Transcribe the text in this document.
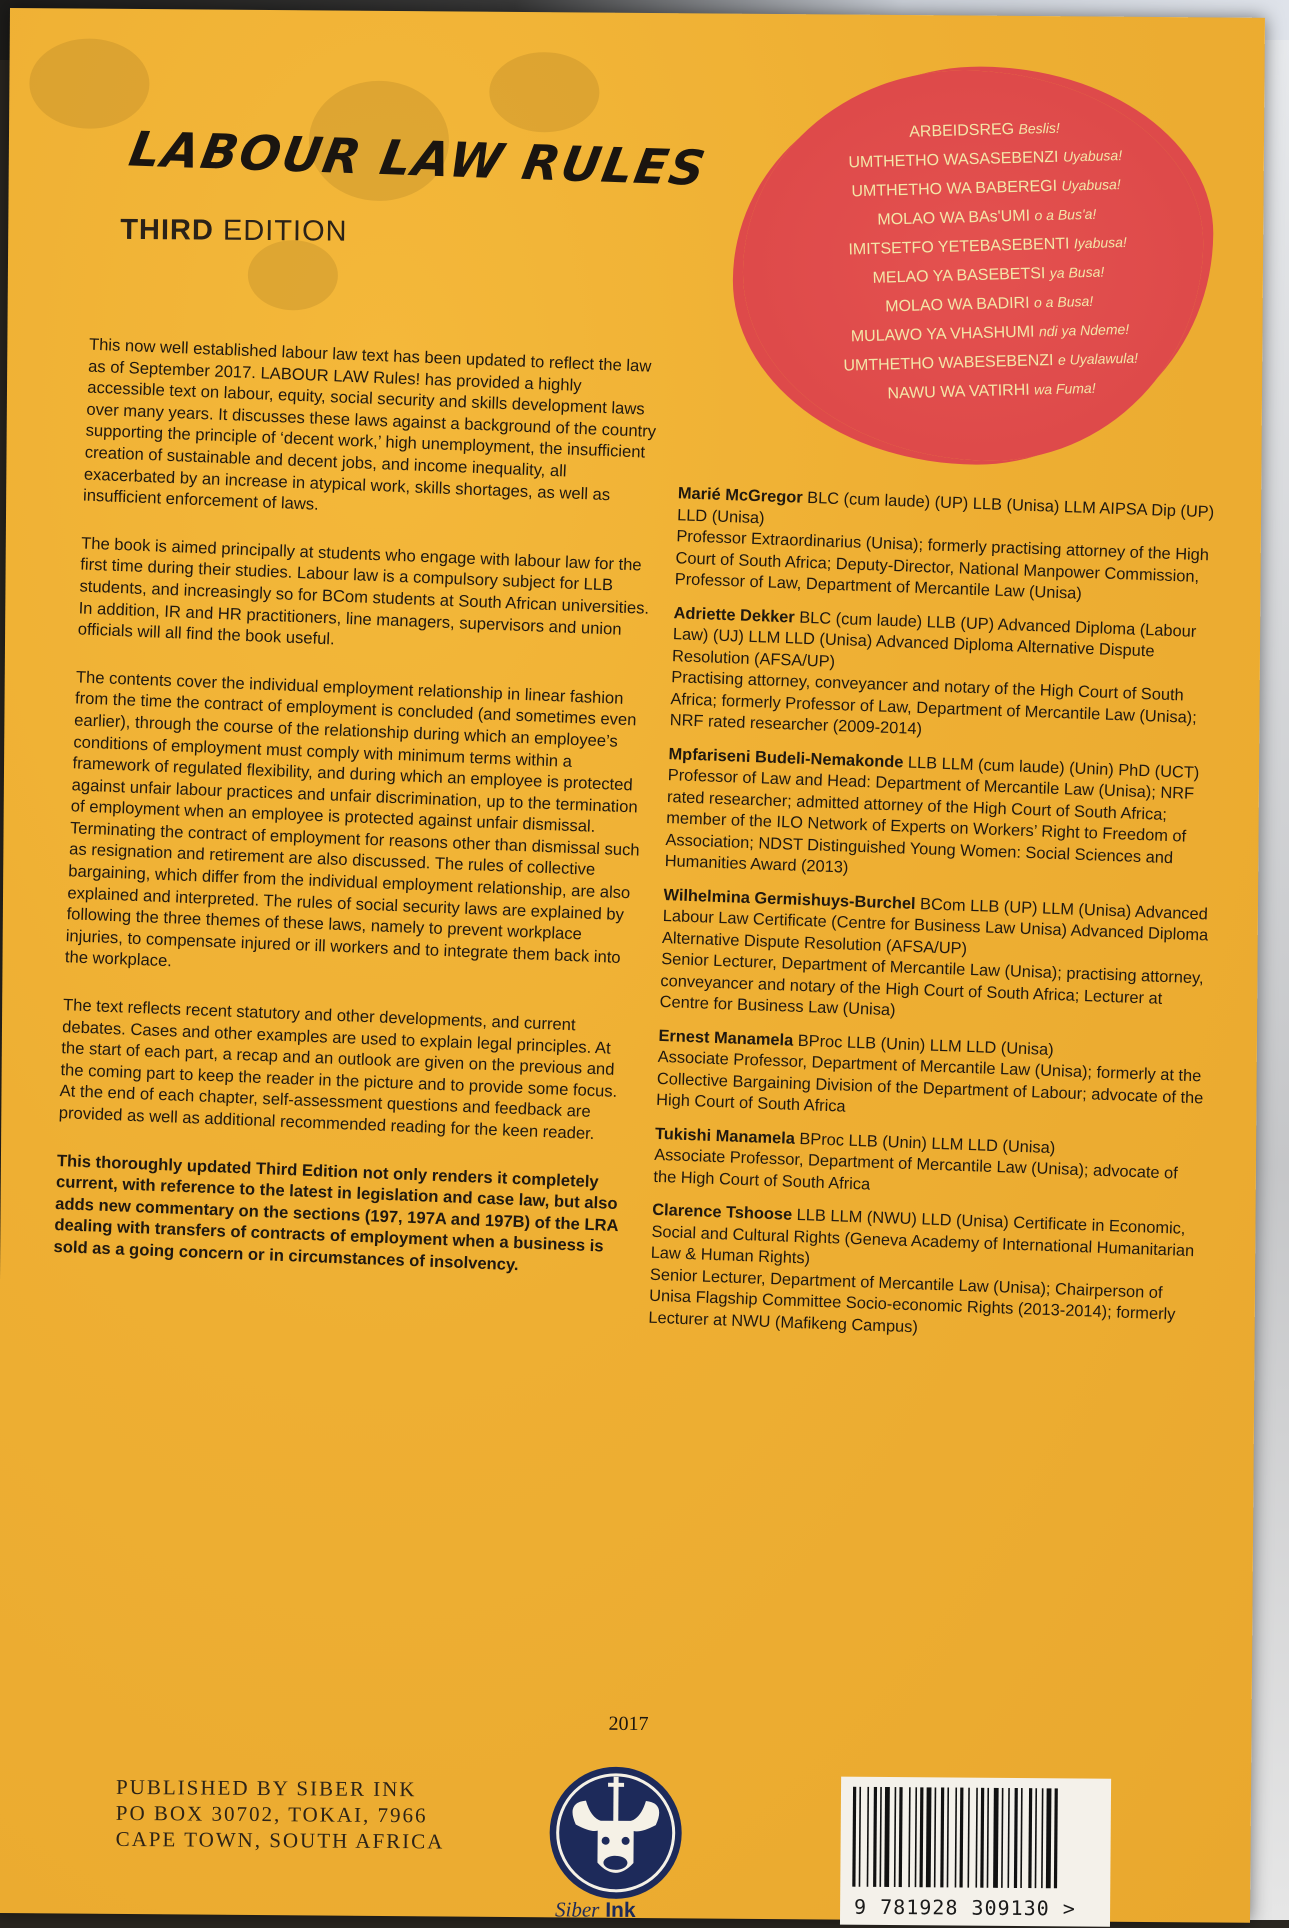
LABOUR LAW RULES
THIRD EDITION
ARBEIDSREG Beslis!
UMTHETHO WASASEBENZI Uyabusa!
UMTHETHO WA BABEREGI Uyabusa!
MOLAO WA BAs'UMI o a Bus'a!
IMITSETFO YETEBASEBENTI Iyabusa!
MELAO YA BASEBETSI ya Busa!
MOLAO WA BADIRI o a Busa!
MULAWO YA VHASHUMI ndi ya Ndeme!
UMTHETHO WABESEBENZI e Uyalawula!
NAWU WA VATIRHI wa Fuma!

This now well established labour law text has been updated to reflect the law as of September 2017. LABOUR LAW Rules! has provided a highly accessible text on labour, equity, social security and skills development laws over many years. It discusses these laws against a background of the country supporting the principle of ‘decent work,’ high unemployment, the insufficient creation of sustainable and decent jobs, and income inequality, all exacerbated by an increase in atypical work, skills shortages, as well as insufficient enforcement of laws.

The book is aimed principally at students who engage with labour law for the first time during their studies. Labour law is a compulsory subject for LLB students, and increasingly so for BCom students at South African universities. In addition, IR and HR practitioners, line managers, supervisors and union officials will all find the book useful.

The contents cover the individual employment relationship in linear fashion from the time the contract of employment is concluded (and sometimes even earlier), through the course of the relationship during which an employee’s conditions of employment must comply with minimum terms within a framework of regulated flexibility, and during which an employee is protected against unfair labour practices and unfair discrimination, up to the termination of employment when an employee is protected against unfair dismissal. Terminating the contract of employment for reasons other than dismissal such as resignation and retirement are also discussed. The rules of collective bargaining, which differ from the individual employment relationship, are also explained and interpreted. The rules of social security laws are explained by following the three themes of these laws, namely to prevent workplace injuries, to compensate injured or ill workers and to integrate them back into the workplace.

The text reflects recent statutory and other developments, and current debates. Cases and other examples are used to explain legal principles. At the start of each part, a recap and an outlook are given on the previous and the coming part to keep the reader in the picture and to provide some focus. At the end of each chapter, self-assessment questions and feedback are provided as well as additional recommended reading for the keen reader.

This thoroughly updated Third Edition not only renders it completely current, with reference to the latest in legislation and case law, but also adds new commentary on the sections (197, 197A and 197B) of the LRA dealing with transfers of contracts of employment when a business is sold as a going concern or in circumstances of insolvency.

Marié McGregor BLC (cum laude) (UP) LLB (Unisa) LLM AIPSA Dip (UP) LLD (Unisa)
Professor Extraordinarius (Unisa); formerly practising attorney of the High Court of South Africa; Deputy-Director, National Manpower Commission, Professor of Law, Department of Mercantile Law (Unisa)
Adriette Dekker BLC (cum laude) LLB (UP) Advanced Diploma (Labour Law) (UJ) LLM LLD (Unisa) Advanced Diploma Alternative Dispute Resolution (AFSA/UP)
Practising attorney, conveyancer and notary of the High Court of South Africa; formerly Professor of Law, Department of Mercantile Law (Unisa); NRF rated researcher (2009-2014)
Mpfariseni Budeli-Nemakonde LLB LLM (cum laude) (Unin) PhD (UCT)
Professor of Law and Head: Department of Mercantile Law (Unisa); NRF rated researcher; admitted attorney of the High Court of South Africa; member of the ILO Network of Experts on Workers’ Right to Freedom of Association; NDST Distinguished Young Women: Social Sciences and Humanities Award (2013)
Wilhelmina Germishuys-Burchel BCom LLB (UP) LLM (Unisa) Advanced Labour Law Certificate (Centre for Business Law Unisa) Advanced Diploma Alternative Dispute Resolution (AFSA/UP)
Senior Lecturer, Department of Mercantile Law (Unisa); practising attorney, conveyancer and notary of the High Court of South Africa; Lecturer at Centre for Business Law (Unisa)
Ernest Manamela BProc LLB (Unin) LLM LLD (Unisa)
Associate Professor, Department of Mercantile Law (Unisa); formerly at the Collective Bargaining Division of the Department of Labour; advocate of the High Court of South Africa
Tukishi Manamela BProc LLB (Unin) LLM LLD (Unisa)
Associate Professor, Department of Mercantile Law (Unisa); advocate of the High Court of South Africa
Clarence Tshoose LLB LLM (NWU) LLD (Unisa) Certificate in Economic, Social and Cultural Rights (Geneva Academy of International Humanitarian Law & Human Rights)
Senior Lecturer, Department of Mercantile Law (Unisa); Chairperson of Unisa Flagship Committee Socio-economic Rights (2013-2014); formerly Lecturer at NWU (Mafikeng Campus)
2017
PUBLISHED BY SIBER INK
PO BOX 30702, TOKAI, 7966
CAPE TOWN, SOUTH AFRICA
Siber Ink	9 781928 309130 >
